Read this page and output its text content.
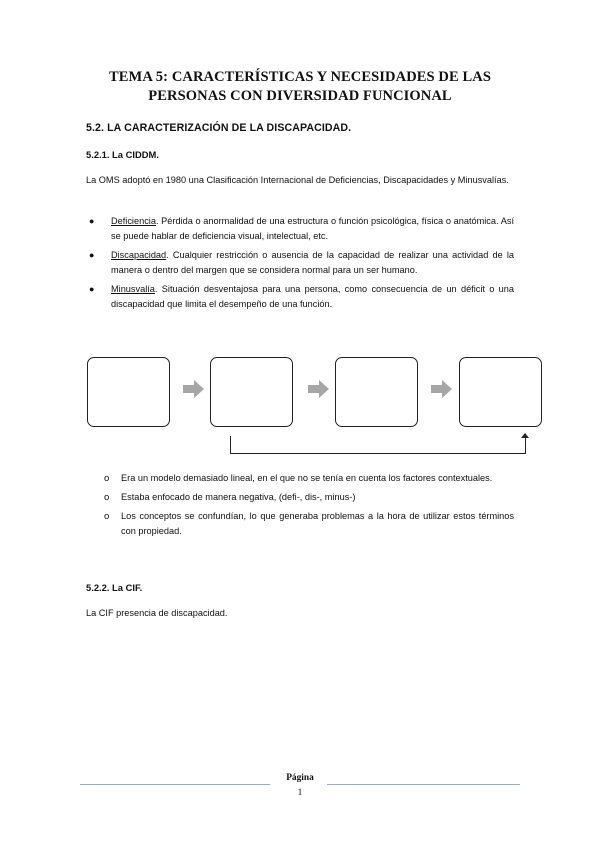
TEMA 5: CARACTERÍSTICAS Y NECESIDADES DE LAS
PERSONAS CON DIVERSIDAD FUNCIONAL
5.2. LA CARACTERIZACIÓN DE LA DISCAPACIDAD.
5.2.1. La CIDDM.
La OMS adoptó en 1980 una Clasificación Internacional de Deficiencias, Discapacidades y Minusvalías.
● Deficiencia. Pérdida o anormalidad de una estructura o función psicológica, física o anatómica. Así se puede hablar de deficiencia visual, intelectual, etc.
● Discapacidad. Cualquier restricción o ausencia de la capacidad de realizar una actividad de la manera o dentro del margen que se considera normal para un ser humano.
● Minusvalía. Situación desventajosa para una persona, como consecuencia de un déficit o una discapacidad que limita el desempeño de una función.
o Era un modelo demasiado lineal, en el que no se tenía en cuenta los factores contextuales.
o Estaba enfocado de manera negativa, (defi-, dis-, minus-)
o Los conceptos se confundían, lo que generaba problemas a la hora de utilizar estos términos con propiedad.
5.2.2. La CIF.
La CIF presencia de discapacidad.
Página
1
